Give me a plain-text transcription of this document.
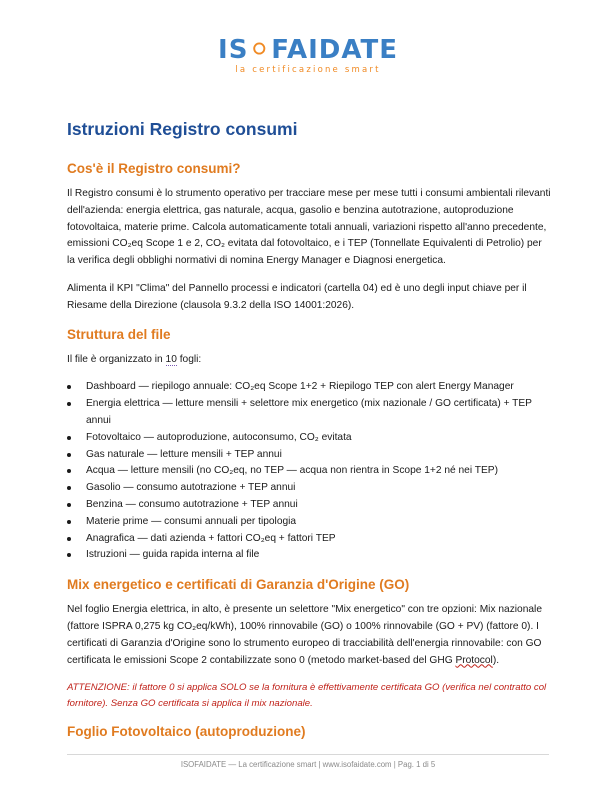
IS⚪FAIDATE
la certificazione smart
Istruzioni Registro consumi
Cos'è il Registro consumi?

Il Registro consumi è lo strumento operativo per tracciare mese per mese tutti i consumi ambientali rilevanti dell'azienda: energia elettrica, gas naturale, acqua, gasolio e benzina autotrazione, autoproduzione fotovoltaica, materie prime. Calcola automaticamente totali annuali, variazioni rispetto all'anno precedente, emissioni CO₂eq Scope 1 e 2, CO₂ evitata dal fotovoltaico, e i TEP (Tonnellate Equivalenti di Petrolio) per la verifica degli obblighi normativi di nomina Energy Manager e Diagnosi energetica.

Alimenta il KPI "Clima" del Pannello processi e indicatori (cartella 04) ed è uno degli input chiave per il Riesame della Direzione (clausola 9.3.2 della ISO 14001:2026).

Struttura del file

Il file è organizzato in 10 fogli:

Dashboard — riepilogo annuale: CO₂eq Scope 1+2 + Riepilogo TEP con alert Energy Manager
Energia elettrica — letture mensili + selettore mix energetico (mix nazionale / GO certificata) + TEP annui
Fotovoltaico — autoproduzione, autoconsumo, CO₂ evitata
Gas naturale — letture mensili + TEP annui
Acqua — letture mensili (no CO₂eq, no TEP — acqua non rientra in Scope 1+2 né nei TEP)
Gasolio — consumo autotrazione + TEP annui
Benzina — consumo autotrazione + TEP annui
Materie prime — consumi annuali per tipologia
Anagrafica — dati azienda + fattori CO₂eq + fattori TEP
Istruzioni — guida rapida interna al file
Mix energetico e certificati di Garanzia d'Origine (GO)

Nel foglio Energia elettrica, in alto, è presente un selettore "Mix energetico" con tre opzioni: Mix nazionale (fattore ISPRA 0,275 kg CO₂eq/kWh), 100% rinnovabile (GO) o 100% rinnovabile (GO + PV) (fattore 0). I certificati di Garanzia d'Origine sono lo strumento europeo di tracciabilità dell'energia rinnovabile: con GO certificata le emissioni Scope 2 contabilizzate sono 0 (metodo market-based del GHG Protocol).

ATTENZIONE: il fattore 0 si applica SOLO se la fornitura è effettivamente certificata GO (verifica nel contratto col fornitore). Senza GO certificata si applica il mix nazionale.

Foglio Fotovoltaico (autoproduzione)
ISOFAIDATE — La certificazione smart | www.isofaidate.com | Pag. 1 di 5
